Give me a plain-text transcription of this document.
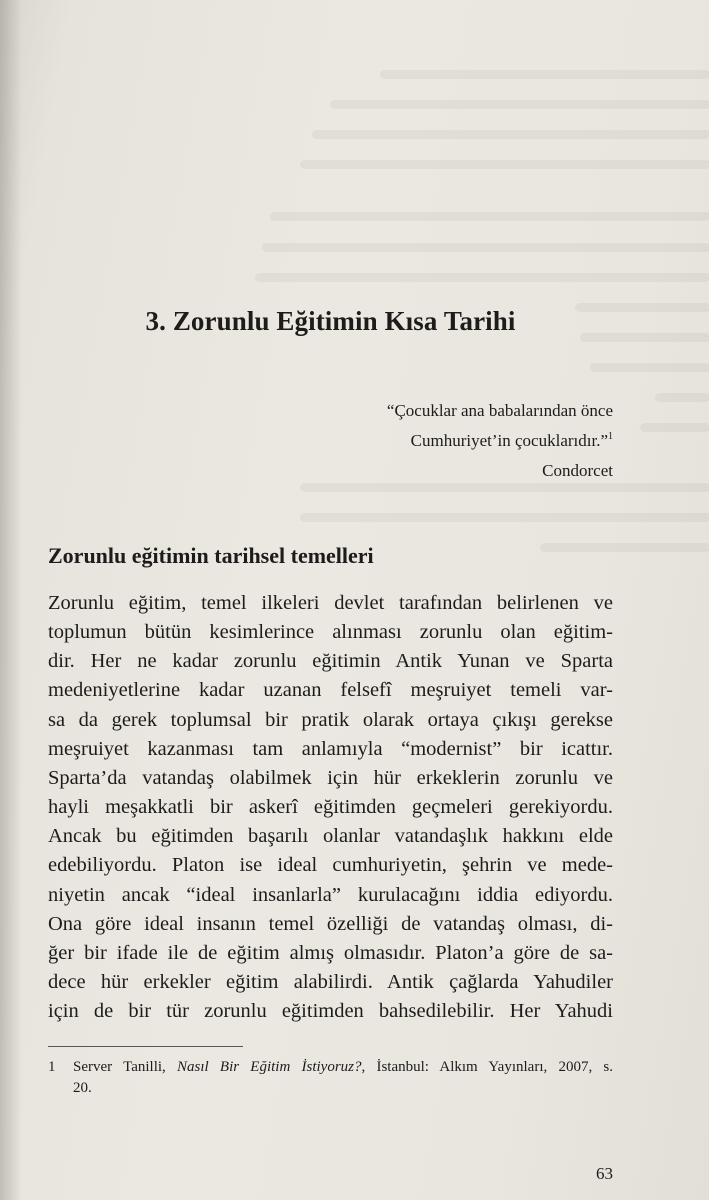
3. Zorunlu Eğitimin Kısa Tarihi
“Çocuklar ana babalarından önce
Cumhuriyet’in çocuklarıdır.”$^1$
Condorcet
Zorunlu eğitimin tarihsel temelleri
Zorunlu eğitim, temel ilkeleri devlet tarafından belirlenen ve
toplumun bütün kesimlerince alınması zorunlu olan eğitim-
dir. Her ne kadar zorunlu eğitimin Antik Yunan ve Sparta
medeniyetlerine kadar uzanan felsefî meşruiyet temeli var-
sa da gerek toplumsal bir pratik olarak ortaya çıkışı gerekse
meşruiyet kazanması tam anlamıyla “modernist” bir icattır.
Sparta’da vatandaş olabilmek için hür erkeklerin zorunlu ve
hayli meşakkatli bir askerî eğitimden geçmeleri gerekiyordu.
Ancak bu eğitimden başarılı olanlar vatandaşlık hakkını elde
edebiliyordu. Platon ise ideal cumhuriyetin, şehrin ve mede-
niyetin ancak “ideal insanlarla” kurulacağını iddia ediyordu.
Ona göre ideal insanın temel özelliği de vatandaş olması, di-
ğer bir ifade ile de eğitim almış olmasıdır. Platon’a göre de sa-
dece hür erkekler eğitim alabilirdi. Antik çağlarda Yahudiler
için de bir tür zorunlu eğitimden bahsedilebilir. Her Yahudi
1 Server Tanilli, Nasıl Bir Eğitim İstiyoruz?, İstanbul: Alkım Yayınları, 2007, s.
20.
63
